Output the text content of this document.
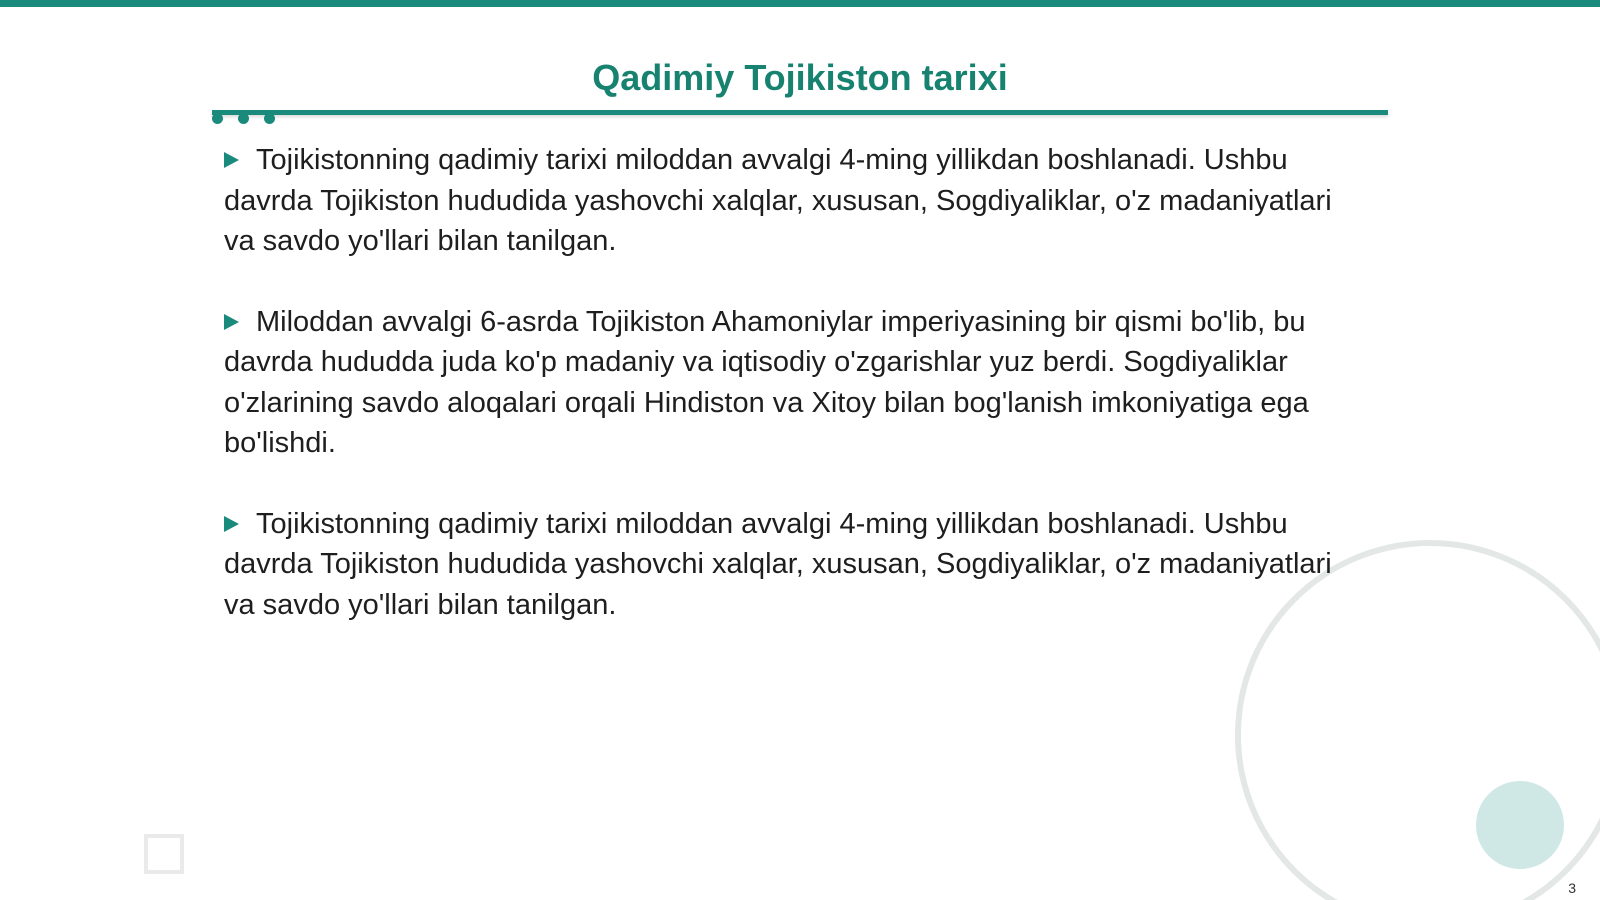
Qadimiy Tojikiston tarixi

Tojikistonning qadimiy tarixi miloddan avvalgi 4-ming yillikdan boshlanadi. Ushbu davrda Tojikiston hududida yashovchi xalqlar, xususan, Sogdiyaliklar, o'z madaniyatlari va savdo yo'llari bilan tanilgan.

Miloddan avvalgi 6-asrda Tojikiston Ahamoniylar imperiyasining bir qismi bo'lib, bu davrda hududda juda ko'p madaniy va iqtisodiy o'zgarishlar yuz berdi. Sogdiyaliklar o'zlarining savdo aloqalari orqali Hindiston va Xitoy bilan bog'lanish imkoniyatiga ega bo'lishdi.

Tojikistonning qadimiy tarixi miloddan avvalgi 4-ming yillikdan boshlanadi. Ushbu davrda Tojikiston hududida yashovchi xalqlar, xususan, Sogdiyaliklar, o'z madaniyatlari va savdo yo'llari bilan tanilgan.

3
